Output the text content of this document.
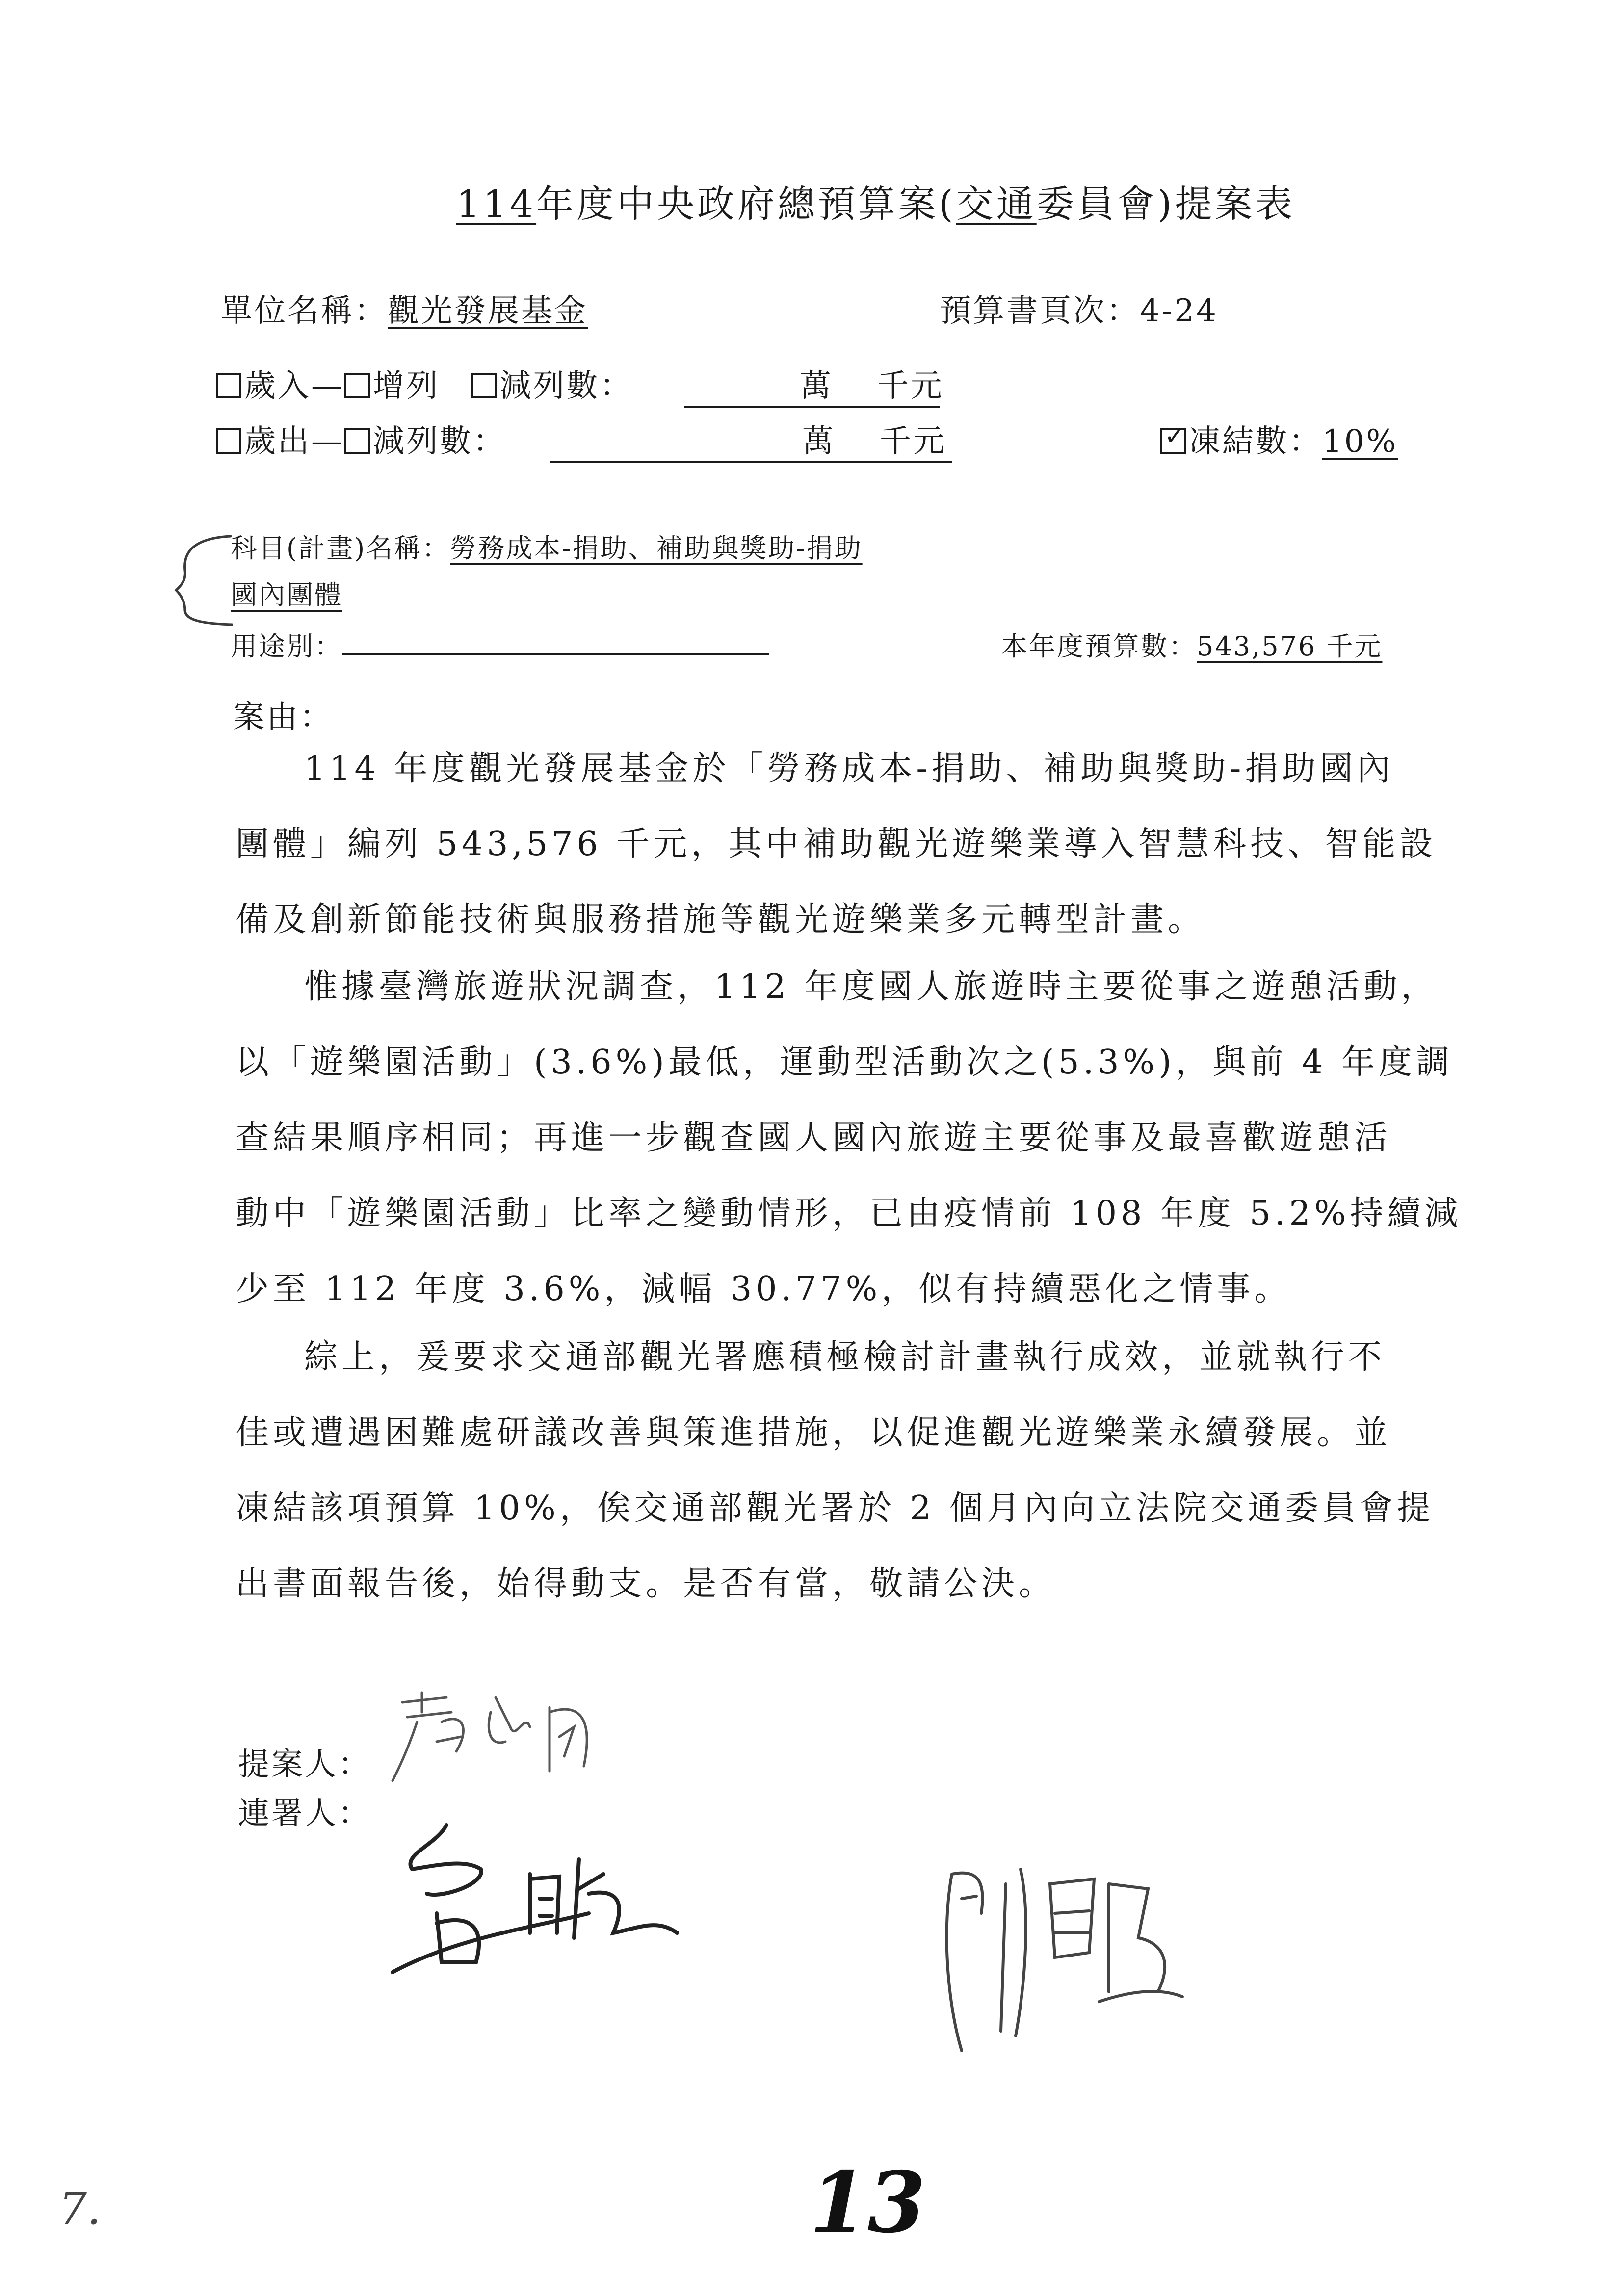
114年度中央政府總預算案(交通委員會)提案表
單位名稱：觀光發展基金	預算書頁次：4-24
歲入— 增列 減列數：	萬 千元
歲出— 減列數：	萬 千元
✓	凍結數：10%
科目(計畫)名稱：勞務成本-捐助、補助與獎助-捐助
國內團體
用途別：	本年度預算數：543,576 千元
案由：
114 年度觀光發展基金於「勞務成本-捐助、補助與獎助-捐助國內
團體」編列 543,576 千元，其中補助觀光遊樂業導入智慧科技、智能設
備及創新節能技術與服務措施等觀光遊樂業多元轉型計畫。
惟據臺灣旅遊狀況調查，112 年度國人旅遊時主要從事之遊憩活動，
以「遊樂園活動」(3.6%)最低，運動型活動次之(5.3%)，與前 4 年度調
查結果順序相同；再進一步觀查國人國內旅遊主要從事及最喜歡遊憩活
動中「遊樂園活動」比率之變動情形，已由疫情前 108 年度 5.2%持續減
少至 112 年度 3.6%，減幅 30.77%，似有持續惡化之情事。
綜上，爰要求交通部觀光署應積極檢討計畫執行成效，並就執行不
佳或遭遇困難處研議改善與策進措施，以促進觀光遊樂業永續發展。並
凍結該項預算 10%，俟交通部觀光署於 2 個月內向立法院交通委員會提
出書面報告後，始得動支。是否有當，敬請公決。
提案人：
連署人：
7.	13
